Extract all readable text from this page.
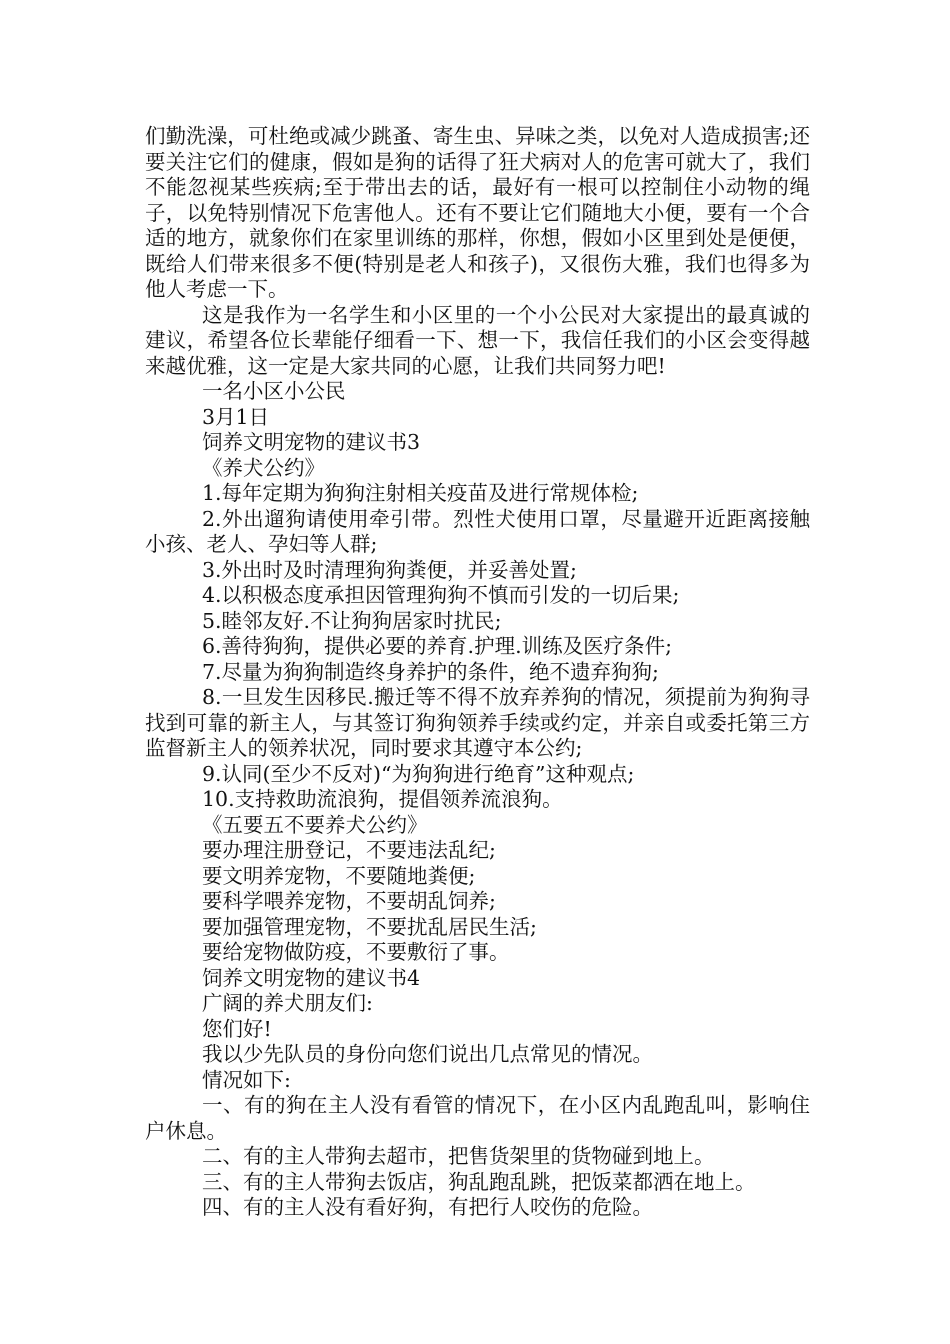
们勤洗澡，可杜绝或减少跳蚤、寄生虫、异味之类，以免对人造成损害;还要关注它们的健康，假如是狗的话得了狂犬病对人的危害可就大了，我们不能忽视某些疾病;至于带出去的话，最好有一根可以控制住小动物的绳子，以免特别情况下危害他人。还有不要让它们随地大小便，要有一个合适的地方，就象你们在家里训练的那样，你想，假如小区里到处是便便，既给人们带来很多不便(特别是老人和孩子)，又很伤大雅，我们也得多为他人考虑一下。

这是我作为一名学生和小区里的一个小公民对大家提出的最真诚的建议，希望各位长辈能仔细看一下、想一下，我信任我们的小区会变得越来越优雅，这一定是大家共同的心愿，让我们共同努力吧!

一名小区小公民

3月1日

饲养文明宠物的建议书3

《养犬公约》

1.每年定期为狗狗注射相关疫苗及进行常规体检;

2.外出遛狗请使用牵引带。烈性犬使用口罩，尽量避开近距离接触小孩、老人、孕妇等人群;

3.外出时及时清理狗狗粪便，并妥善处置;

4.以积极态度承担因管理狗狗不慎而引发的一切后果;

5.睦邻友好.不让狗狗居家时扰民;

6.善待狗狗，提供必要的养育.护理.训练及医疗条件;

7.尽量为狗狗制造终身养护的条件，绝不遗弃狗狗;

8.一旦发生因移民.搬迁等不得不放弃养狗的情况，须提前为狗狗寻找到可靠的新主人，与其签订狗狗领养手续或约定，并亲自或委托第三方监督新主人的领养状况，同时要求其遵守本公约;

9.认同(至少不反对)“为狗狗进行绝育”这种观点;

10.支持救助流浪狗，提倡领养流浪狗。

《五要五不要养犬公约》

要办理注册登记，不要违法乱纪;

要文明养宠物，不要随地粪便;

要科学喂养宠物，不要胡乱饲养;

要加强管理宠物，不要扰乱居民生活;

要给宠物做防疫，不要敷衍了事。

饲养文明宠物的建议书4

广阔的养犬朋友们:

您们好!

我以少先队员的身份向您们说出几点常见的情况。

情况如下:

一、有的狗在主人没有看管的情况下，在小区内乱跑乱叫，影响住户休息。

二、有的主人带狗去超市，把售货架里的货物碰到地上。

三、有的主人带狗去饭店，狗乱跑乱跳，把饭菜都洒在地上。

四、有的主人没有看好狗，有把行人咬伤的危险。
